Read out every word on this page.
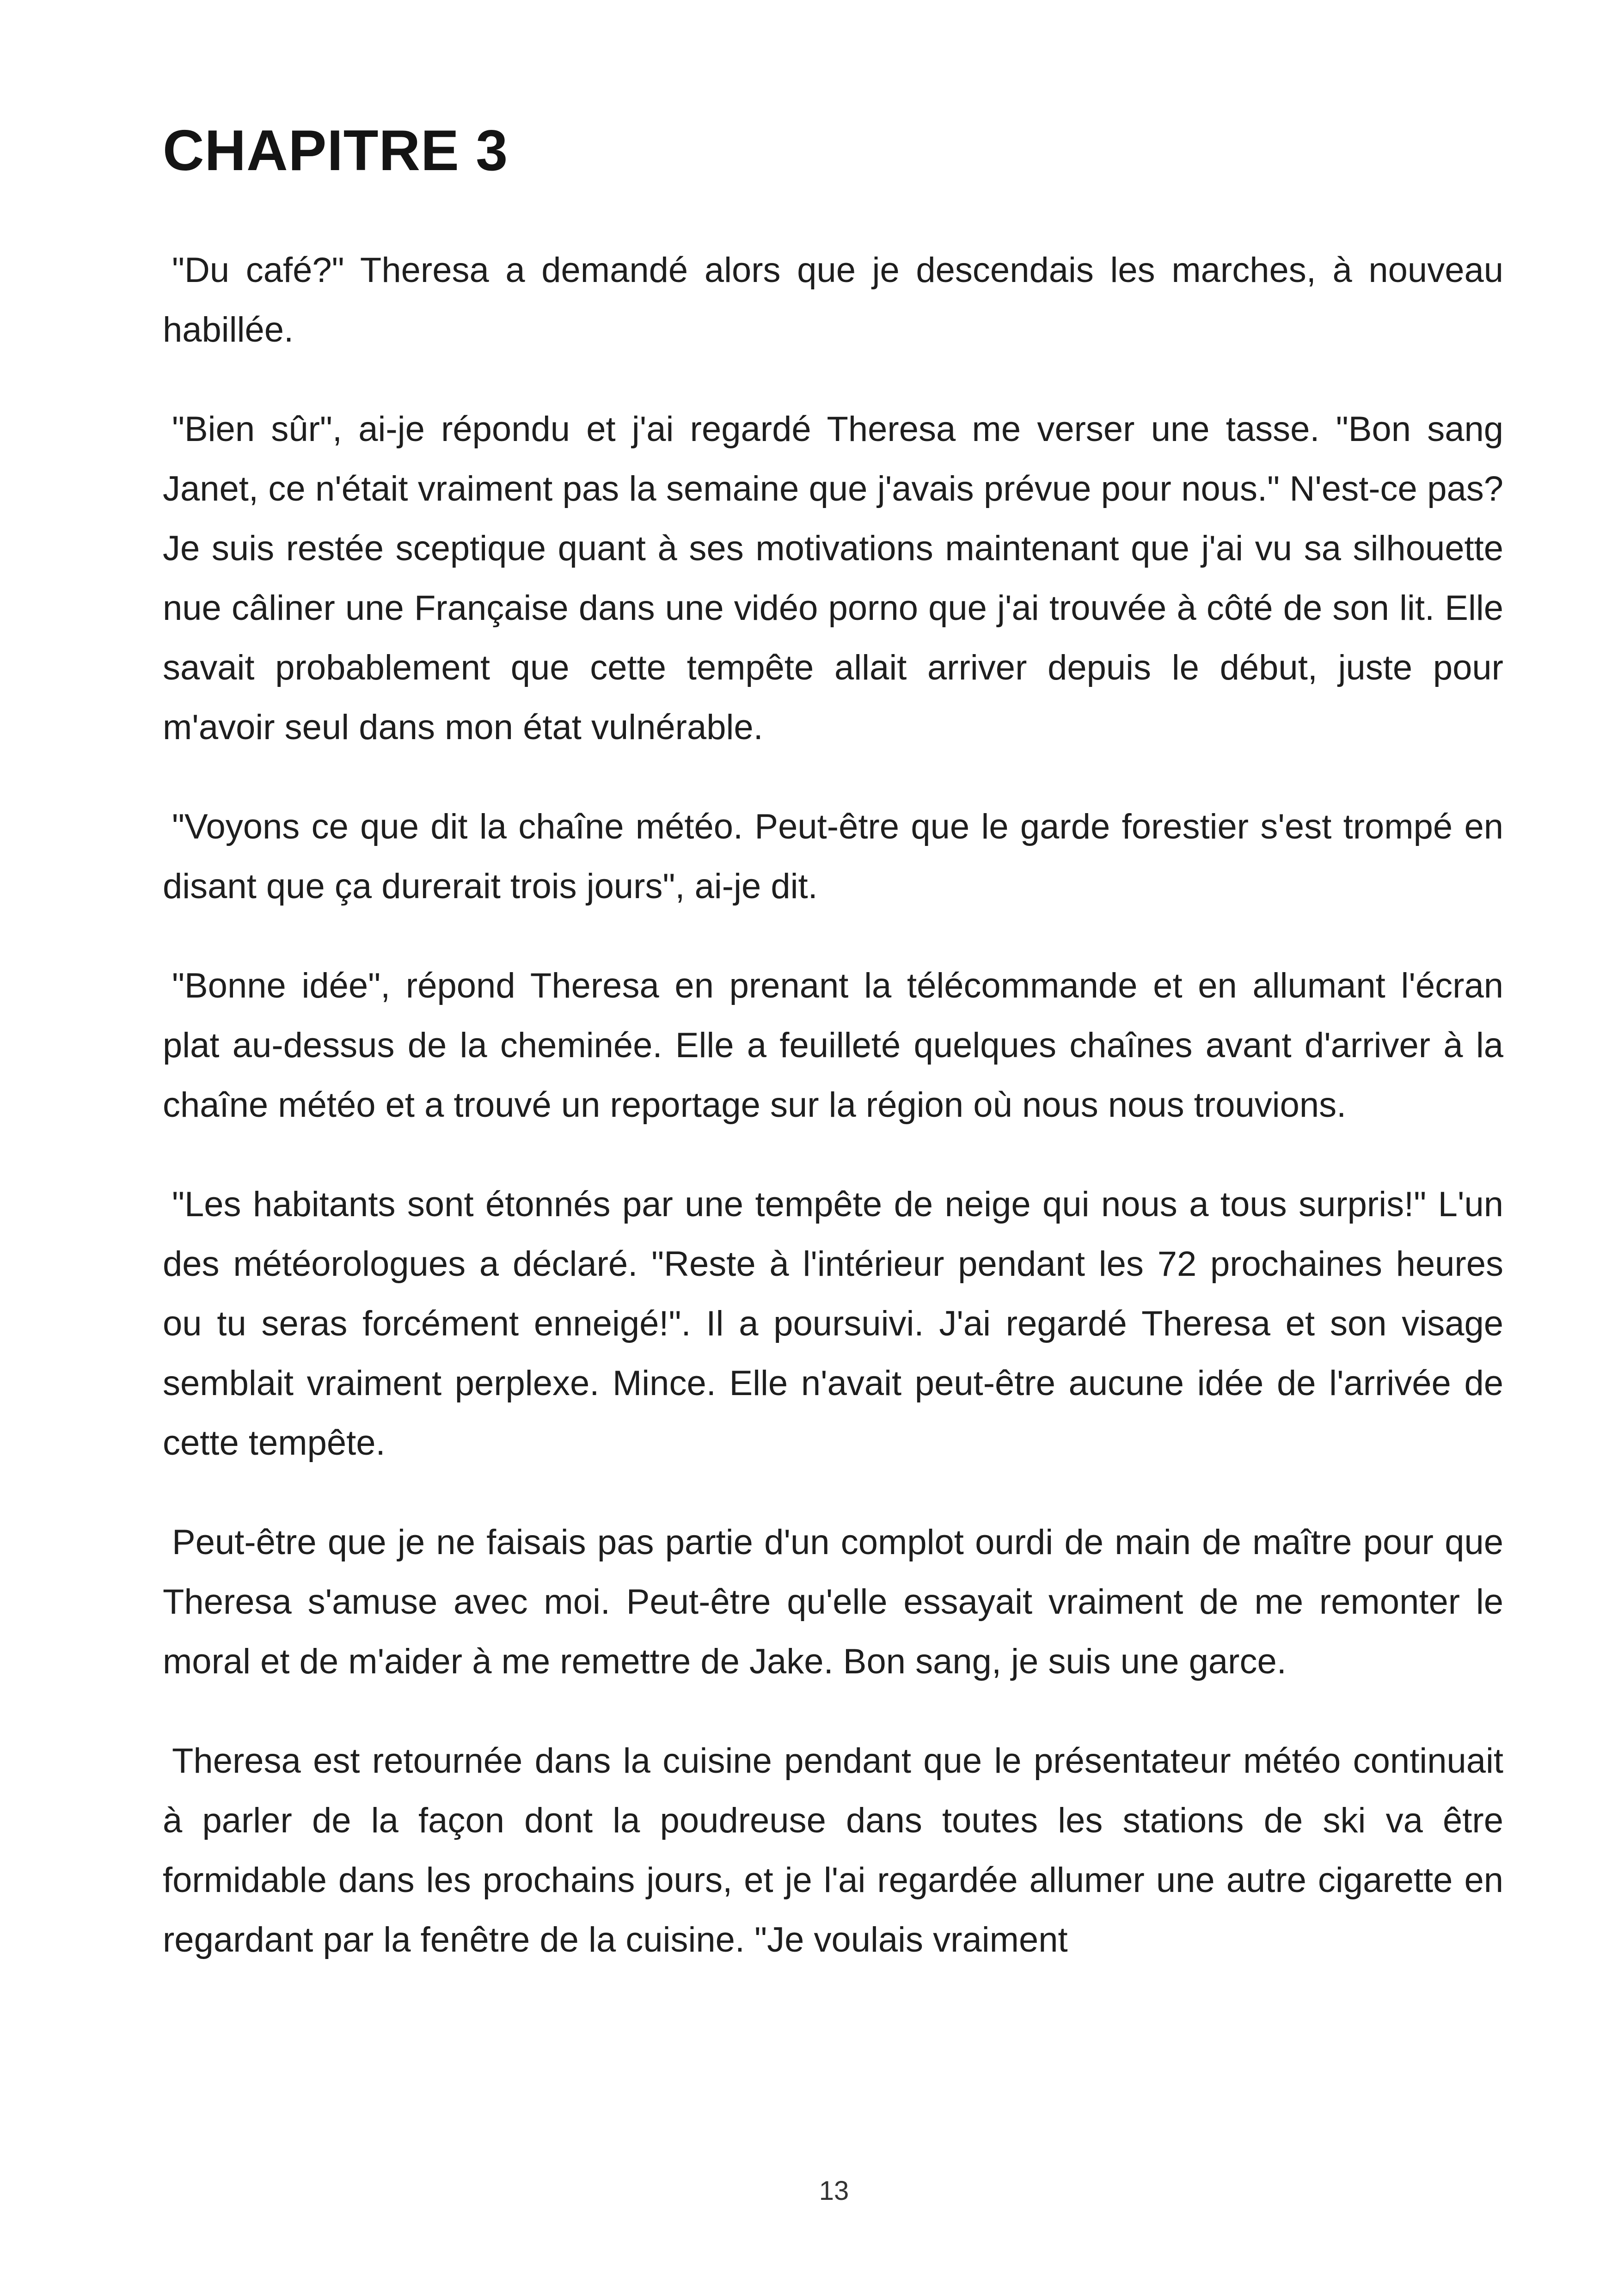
CHAPITRE 3

"Du café?" Theresa a demandé alors que je descendais les marches, à nouveau habillée.

"Bien sûr", ai-je répondu et j'ai regardé Theresa me verser une tasse. "Bon sang Janet, ce n'était vraiment pas la semaine que j'avais prévue pour nous." N'est-ce pas? Je suis restée sceptique quant à ses motivations maintenant que j'ai vu sa silhouette nue câliner une Française dans une vidéo porno que j'ai trouvée à côté de son lit. Elle savait probablement que cette tempête allait arriver depuis le début, juste pour m'avoir seul dans mon état vulnérable.

"Voyons ce que dit la chaîne météo. Peut-être que le garde forestier s'est trompé en disant que ça durerait trois jours", ai-je dit.

"Bonne idée", répond Theresa en prenant la télécommande et en allumant l'écran plat au-dessus de la cheminée. Elle a feuilleté quelques chaînes avant d'arriver à la chaîne météo et a trouvé un reportage sur la région où nous nous trouvions.

"Les habitants sont étonnés par une tempête de neige qui nous a tous surpris!" L'un des météorologues a déclaré. "Reste à l'intérieur pendant les 72 prochaines heures ou tu seras forcément enneigé!". Il a poursuivi. J'ai regardé Theresa et son visage semblait vraiment perplexe. Mince. Elle n'avait peut-être aucune idée de l'arrivée de cette tempête.

Peut-être que je ne faisais pas partie d'un complot ourdi de main de maître pour que Theresa s'amuse avec moi. Peut-être qu'elle essayait vraiment de me remonter le moral et de m'aider à me remettre de Jake. Bon sang, je suis une garce.

Theresa est retournée dans la cuisine pendant que le présentateur météo continuait à parler de la façon dont la poudreuse dans toutes les stations de ski va être formidable dans les prochains jours, et je l'ai regardée allumer une autre cigarette en regardant par la fenêtre de la cuisine. "Je voulais vraiment

13
